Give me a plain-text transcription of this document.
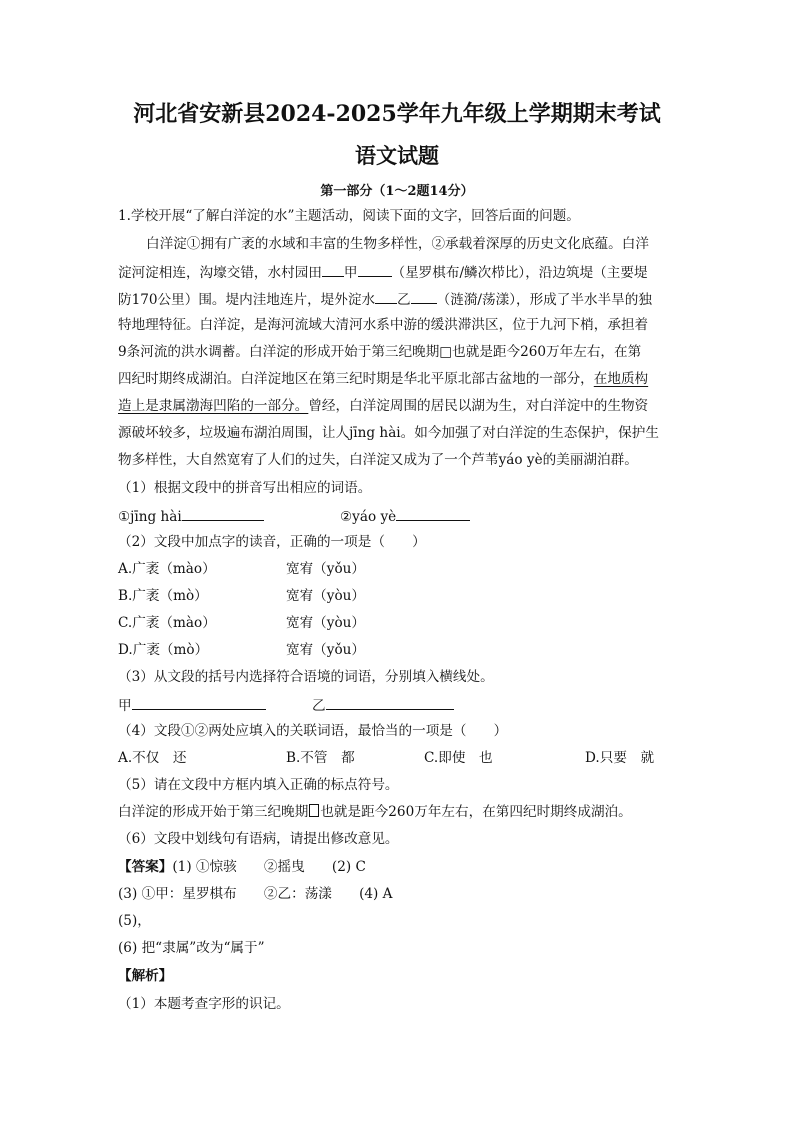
河北省安新县2024-2025学年九年级上学期期末考试
语文试题
第一部分（1～2题14分）
1.学校开展“了解白洋淀的水”主题活动，阅读下面的文字，回答后面的问题。
白洋淀①拥有广袤的水域和丰富的生物多样性，②承载着深厚的历史文化底蕴。白洋
淀河淀相连，沟壕交错，水村园田 甲	（星罗棋布/鳞次栉比），沿边筑堤（主要堤
防170公里）围。堤内洼地连片，堤外淀水 乙 （涟漪/荡漾），形成了半水半旱的独
特地理特征。白洋淀，是海河流域大清河水系中游的缓洪滞洪区，位于九河下梢，承担着
9条河流的洪水调蓄。白洋淀的形成开始于第三纪晚期□也就是距今260万年左右，在第
四纪时期终成湖泊。白洋淀地区在第三纪时期是华北平原北部古盆地的一部分，在地质构
造上是隶属渤海凹陷的一部分。曾经，白洋淀周围的居民以湖为生，对白洋淀中的生物资
源破坏较多，垃圾遍布湖泊周围，让人jīng hài。如今加强了对白洋淀的生态保护，保护生
物多样性，大自然宽宥了人们的过失，白洋淀又成为了一个芦苇yáo yè的美丽湖泊群。
（1）根据文段中的拼音写出相应的词语。
①jīng hài	②yáo yè
（2）文段中加点字的读音，正确的一项是（　　）
A.广袤（mào）	宽宥（yǒu）
B.广袤（mò）	宽宥（yòu）
C.广袤（mào）	宽宥（yòu）
D.广袤（mò）	宽宥（yǒu）
（3）从文段的括号内选择符合语境的词语，分别填入横线处。
甲	乙
（4）文段①②两处应填入的关联词语，最恰当的一项是（　　）
A.不仅　还	B.不管　都	C.即使　也	D.只要　就
（5）请在文段中方框内填入正确的标点符号。
白洋淀的形成开始于第三纪晚期 也就是距今260万年左右，在第四纪时期终成湖泊。
（6）文段中划线句有语病，请提出修改意见。
【答案】(1) ①惊骇　　②摇曳　　(2) C
(3) ①甲：星罗棋布　　②乙：荡漾　　(4) A
(5)，
(6) 把“隶属”改为“属于”
【解析】
（1）本题考查字形的识记。
